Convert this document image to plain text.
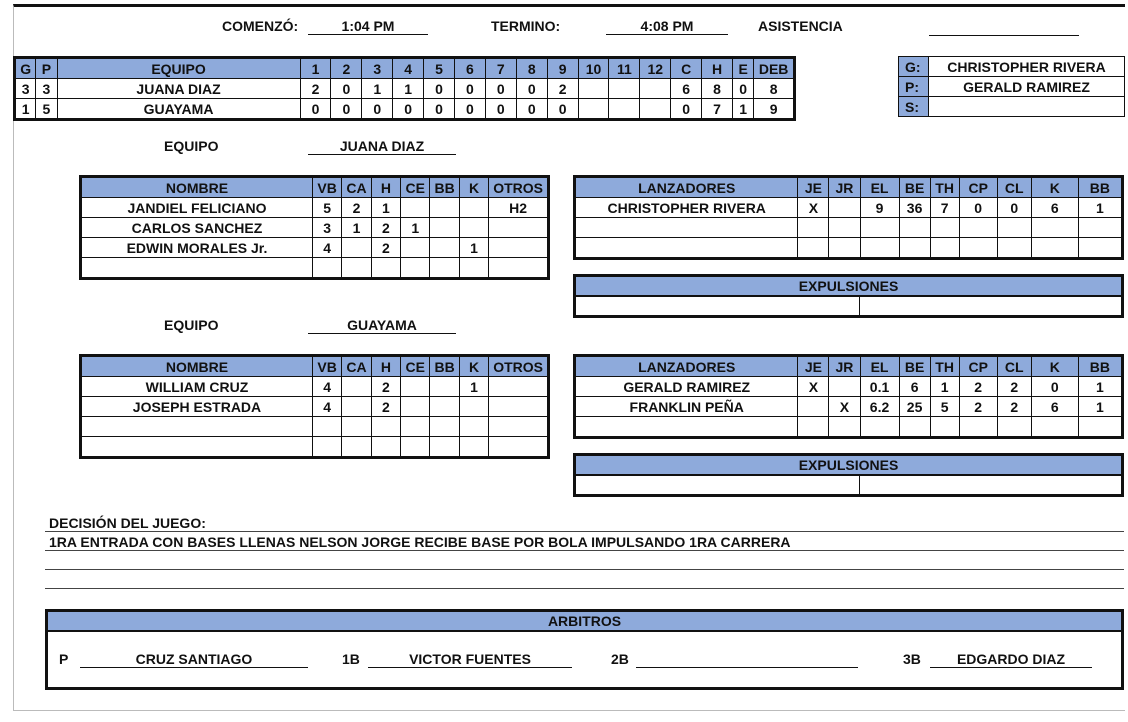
COMENZÓ:	1:04 PM	TERMINO:	4:08 PM	ASISTENCIA
G	P	EQUIPO	1	2	3	4	5	6	7	8	9	10	11	12	C	H	E	DEB
3	3	JUANA DIAZ	2	0	1	1	0	0	0	0	2				6	8	0	8
1	5	GUAYAMA	0	0	0	0	0	0	0	0	0				0	7	1	9
G:	CHRISTOPHER RIVERA
P:	GERALD RAMIREZ
S:	
EQUIPO	JUANA DIAZ
NOMBRE	VB	CA	H	CE	BB	K	OTROS
JANDIEL FELICIANO	5	2	1				H2
CARLOS SANCHEZ	3	1	2	1			
EDWIN MORALES Jr.	4		2			1	

LANZADORES	JE	JR	EL	BE	TH	CP	CL	K	BB
CHRISTOPHER RIVERA	X		9	36	7	0	0	6	1

EXPULSIONES
EQUIPO	GUAYAMA
NOMBRE	VB	CA	H	CE	BB	K	OTROS
WILLIAM CRUZ	4		2			1	
JOSEPH ESTRADA	4		2				

LANZADORES	JE	JR	EL	BE	TH	CP	CL	K	BB
GERALD RAMIREZ	X		0.1	6	1	2	2	0	1
FRANKLIN PEÑA		X	6.2	25	5	2	2	6	1

EXPULSIONES
DECISIÓN DEL JUEGO:
1RA ENTRADA CON BASES LLENAS NELSON JORGE RECIBE BASE POR BOLA IMPULSANDO 1RA CARRERA
ARBITROS
P	CRUZ SANTIAGO	1B	VICTOR FUENTES	2B	3B	EDGARDO DIAZ
